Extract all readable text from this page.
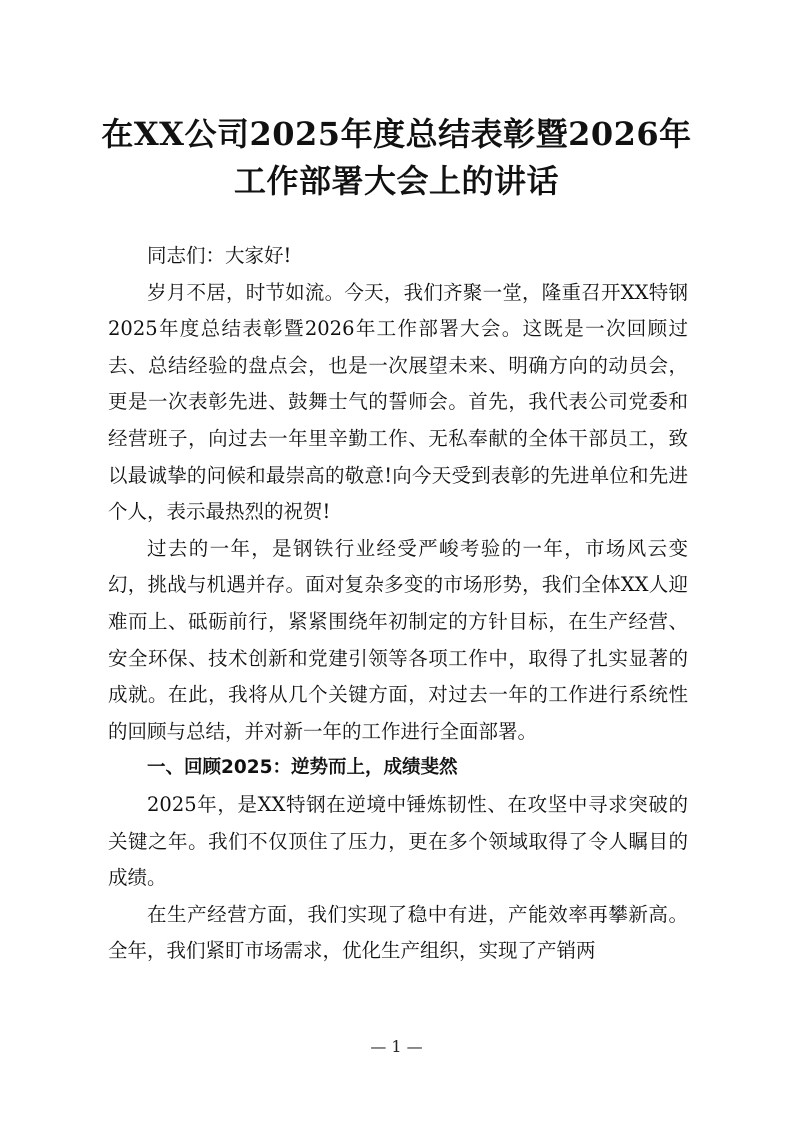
在XX公司2025年度总结表彰暨2026年
工作部署大会上的讲话

同志们：大家好!

岁月不居，时节如流。今天，我们齐聚一堂，隆重召开XX特钢2025年度总结表彰暨2026年工作部署大会。这既是一次回顾过去、总结经验的盘点会，也是一次展望未来、明确方向的动员会，更是一次表彰先进、鼓舞士气的誓师会。首先，我代表公司党委和经营班子，向过去一年里辛勤工作、无私奉献的全体干部员工，致以最诚挚的问候和最崇高的敬意!向今天受到表彰的先进单位和先进个人，表示最热烈的祝贺!

过去的一年，是钢铁行业经受严峻考验的一年，市场风云变幻，挑战与机遇并存。面对复杂多变的市场形势，我们全体XX人迎难而上、砥砺前行，紧紧围绕年初制定的方针目标，在生产经营、安全环保、技术创新和党建引领等各项工作中，取得了扎实显著的成就。在此，我将从几个关键方面，对过去一年的工作进行系统性的回顾与总结，并对新一年的工作进行全面部署。

一、回顾2025：逆势而上，成绩斐然

2025年，是XX特钢在逆境中锤炼韧性、在攻坚中寻求突破的关键之年。我们不仅顶住了压力，更在多个领域取得了令人瞩目的成绩。

在生产经营方面，我们实现了稳中有进，产能效率再攀新高。全年，我们紧盯市场需求，优化生产组织，实现了产销两

— 1 —
